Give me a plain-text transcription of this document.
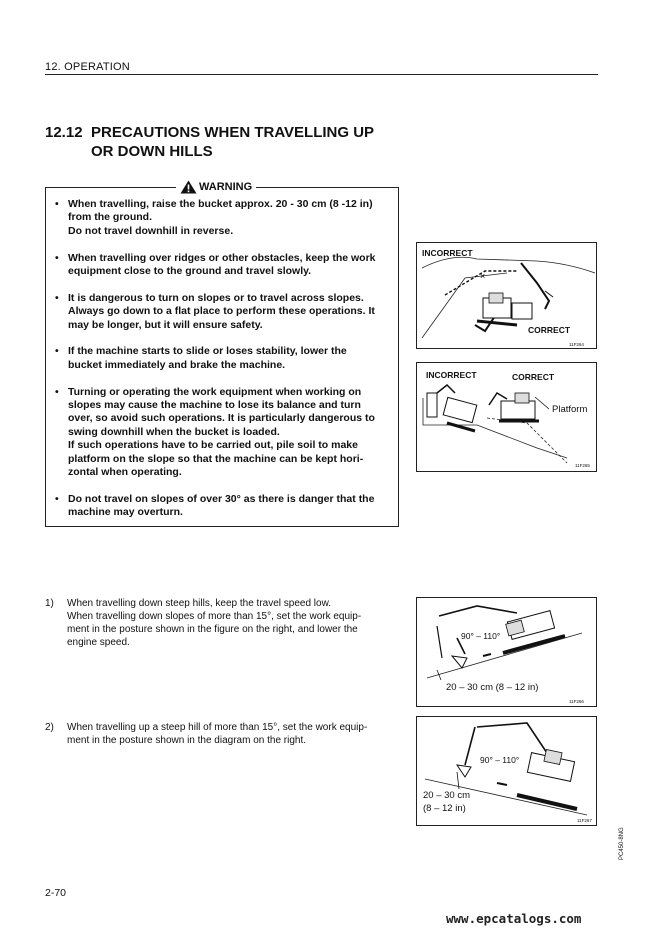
12. OPERATION
12.12 PRECAUTIONS WHEN TRAVELLING UP
OR DOWN HILLS
WARNING
• When travelling, raise the bucket approx. 20 - 30 cm (8 -12 in)
from the ground.
Do not travel downhill in reverse.
• When travelling over ridges or other obstacles, keep the work
equipment close to the ground and travel slowly.
• It is dangerous to turn on slopes or to travel across slopes.
Always go down to a flat place to perform these operations. It
may be longer, but it will ensure safety.
• If the machine starts to slide or loses stability, lower the
bucket immediately and brake the machine.
• Turning or operating the work equipment when working on
slopes may cause the machine to lose its balance and turn
over, so avoid such operations. It is particularly dangerous to
swing downhill when the bucket is loaded.
If such operations have to be carried out, pile soil to make
platform on the slope so that the machine can be kept hori-
zontal when operating.
• Do not travel on slopes of over 30° as there is danger that the
machine may overturn.
×
INCORRECT
CORRECT
11F264
INCORRECT	CORRECT
Platform
11F265
90° – 110°
20 – 30 cm (8 – 12 in)
11F266
90° – 110°
20 – 30 cm
(8 – 12 in)
11F267
1) When travelling down steep hills, keep the travel speed low.
When travelling down slopes of more than 15°, set the work equip-
ment in the posture shown in the figure on the right, and lower the
engine speed.
2) When travelling up a steep hill of more than 15°, set the work equip-
ment in the posture shown in the diagram on the right.
2-70
PC450-8NG
www.epcatalogs.com
